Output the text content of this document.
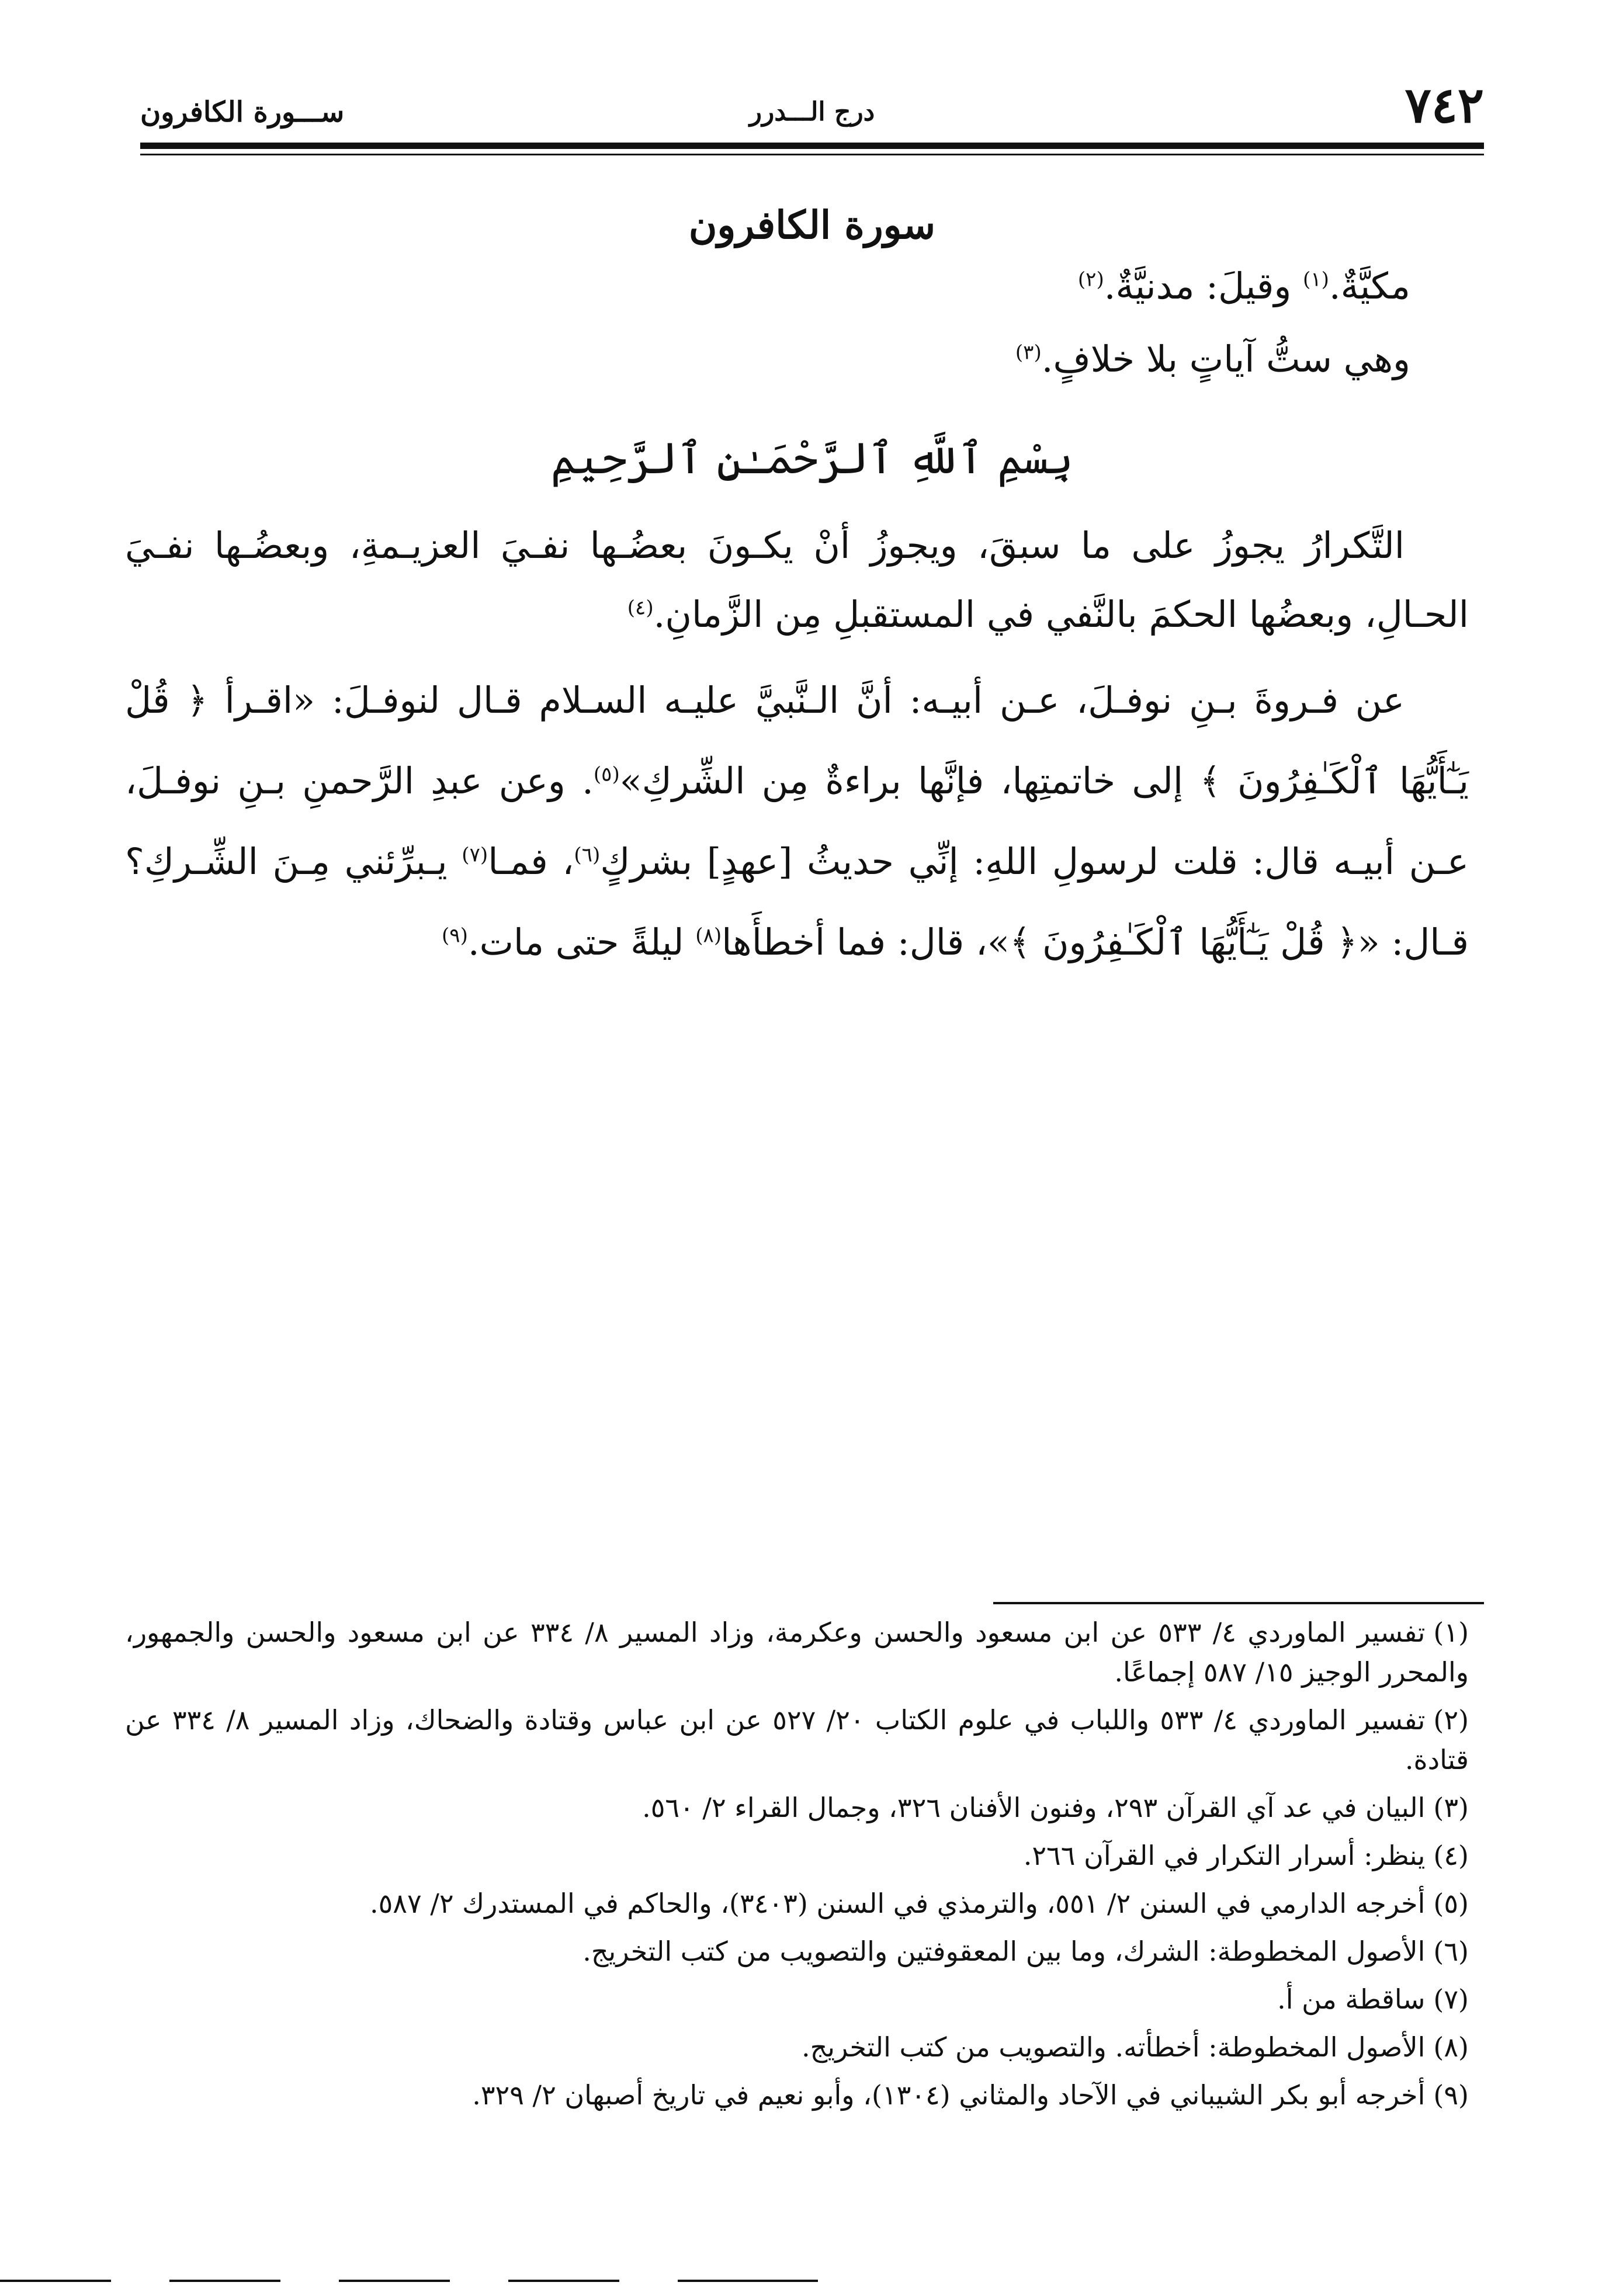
٧٤٢
درج الـــدرر
ســـورة الكافرون
سورة الكافرون
مكيَّةٌ.$^{(١)}$ وقيلَ: مدنيَّةٌ.$^{(٢)}$
وهي ستُّ آياتٍ بلا خلافٍ.$^{(٣)}$
بِسْمِ ٱللَّهِ ٱلرَّحْمَـٰنِ ٱلرَّحِيمِ
التَّكرارُ يجوزُ على ما سبقَ، ويجوزُ أنْ يكـونَ بعضُـها نفـيَ العزيـمةِ، وبعضُـها نفـيَ الحـالِ، وبعضُها الحكمَ بالنَّفي في المستقبلِ مِن الزَّمانِ.$^{(٤)}$
عن فـروةَ بـنِ نوفـلَ، عـن أبيـه: أنَّ الـنَّبيَّ عليـه السـلام قـال لنوفـلَ: «اقـرأ ﴿ قُلْ يَـٰٓأَيُّهَا ٱلْكَـٰفِرُونَ ﴾ إلى خاتمتِها، فإنَّها براءةٌ مِن الشِّركِ»$^{(٥)}$. وعن عبدِ الرَّحمنِ بـنِ نوفـلَ، عـن أبيـه قال: قلت لرسولِ اللهِ: إنِّي حديثُ [عهدٍ] بشركٍ$^{(٦)}$، فمـا$^{(٧)}$ يـبرِّئني مِـنَ الشِّـركِ؟ قـال: «﴿ قُلْ يَـٰٓأَيُّهَا ٱلْكَـٰفِرُونَ ﴾»، قال: فما أخطأَها$^{(٨)}$ ليلةً حتى مات.$^{(٩)}$

(١)تفسير الماوردي ٤/ ٥٣٣ عن ابن مسعود والحسن وعكرمة، وزاد المسير ٨/ ٣٣٤ عن ابن مسعود والحسن والجمهور، والمحرر الوجيز ١٥/ ٥٨٧ إجماعًا.

(٢)تفسير الماوردي ٤/ ٥٣٣ واللباب في علوم الكتاب ٢٠/ ٥٢٧ عن ابن عباس وقتادة والضحاك، وزاد المسير ٨/ ٣٣٤ عن قتادة.

(٣)البيان في عد آي القرآن ٢٩٣، وفنون الأفنان ٣٢٦، وجمال القراء ٢/ ٥٦٠.

(٤)ينظر: أسرار التكرار في القرآن ٢٦٦.

(٥)أخرجه الدارمي في السنن ٢/ ٥٥١، والترمذي في السنن (٣٤٠٣)، والحاكم في المستدرك ٢/ ٥٨٧.

(٦)الأصول المخطوطة: الشرك، وما بين المعقوفتين والتصويب من كتب التخريج.

(٧)ساقطة من أ.

(٨)الأصول المخطوطة: أخطأته. والتصويب من كتب التخريج.

(٩)أخرجه أبو بكر الشيباني في الآحاد والمثاني (١٣٠٤)، وأبو نعيم في تاريخ أصبهان ٢/ ٣٢٩.
